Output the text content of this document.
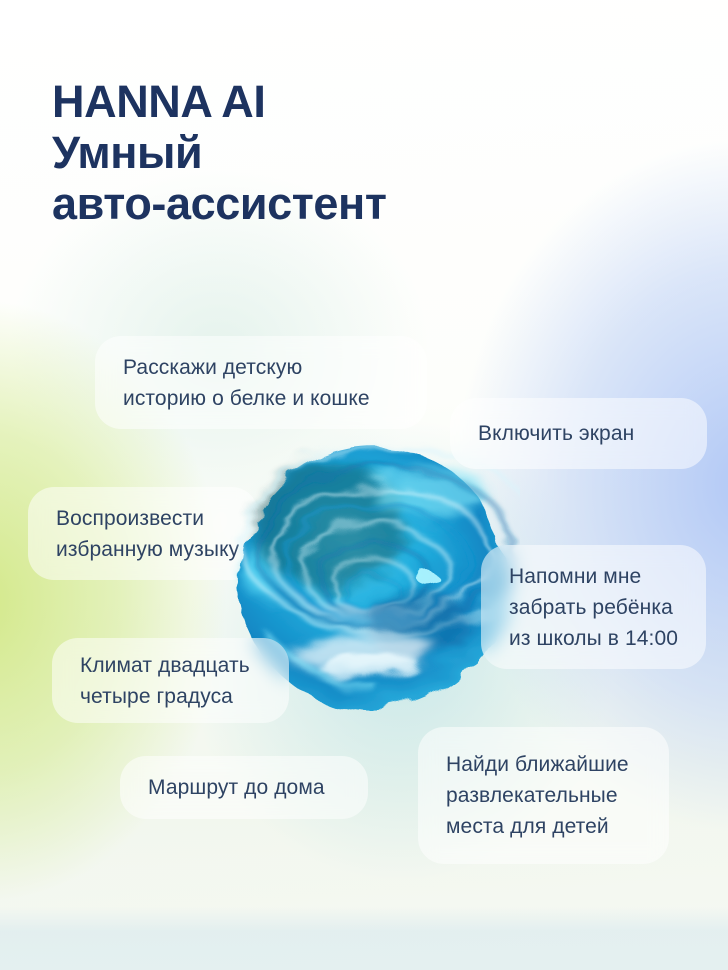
HANNA AI
Умный
авто-ассистент
Воспроизвести
избранную музыку
Расскажи детскую
историю о белке и кошке
Включить экран
Напомни мне
забрать ребёнка
из школы в 14:00
Климат двадцать
четыре градуса
Маршрут до дома
Найди ближайшие
развлекательные
места для детей
